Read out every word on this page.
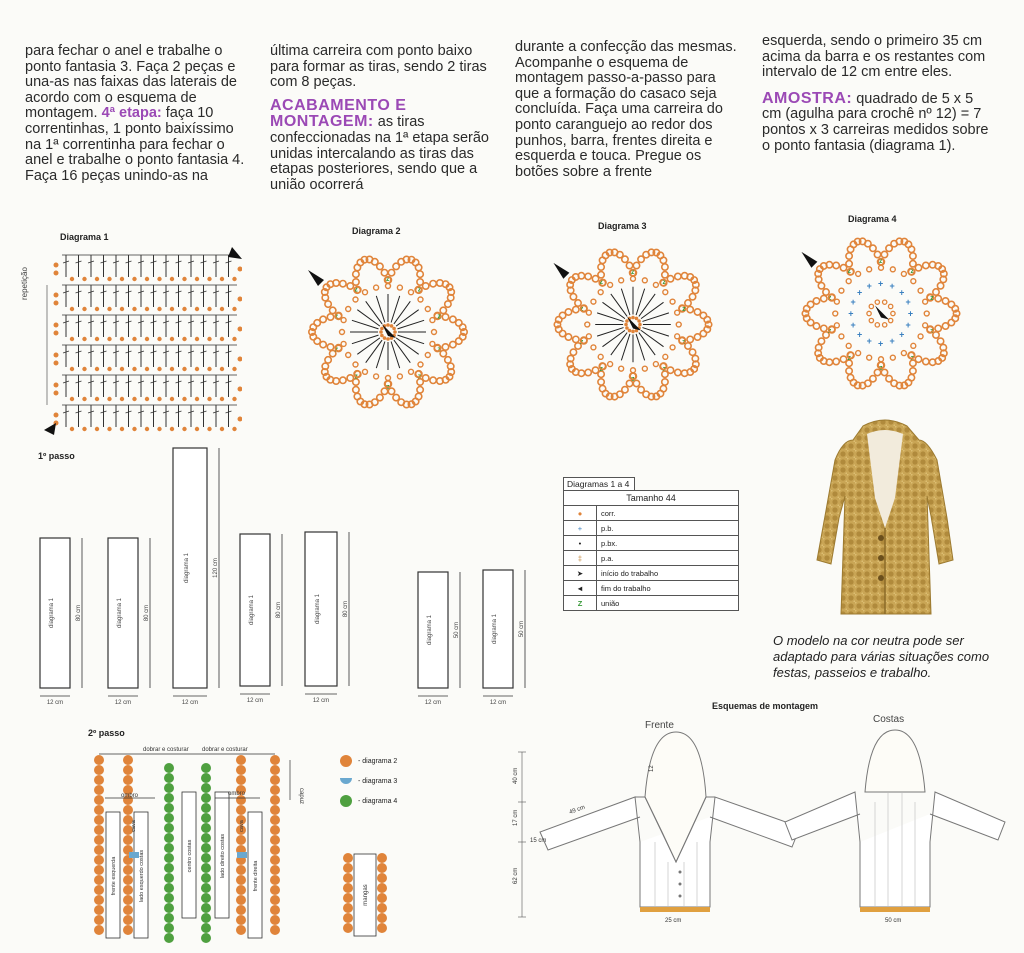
para fechar o anel e trabalhe o ponto fantasia 3. Faça 2 peças e una-as nas faixas das laterais de acordo com o esquema de montagem. 4ª etapa: faça 10 correntinhas, 1 ponto baixíssimo na 1ª correntinha para fechar o anel e trabalhe o ponto fantasia 4. Faça 16 peças unindo-as na

última carreira com ponto baixo para formar as tiras, sendo 2 tiras com 8 peças.

ACABAMENTO E MONTAGEM: as tiras confeccionadas na 1ª etapa serão unidas intercalando as tiras das etapas posteriores, sendo que a união ocorrerá

durante a confecção das mesmas. Acompanhe o esquema de montagem passo-a-passo para que a formação do casaco seja concluída. Faça uma carreira do ponto caranguejo ao redor dos punhos, barra, frentes direita e esquerda e touca. Pregue os botões sobre a frente

esquerda, sendo o primeiro 35 cm acima da barra e os restantes com intervalo de 12 cm entre eles.

AMOSTRA: quadrado de 5 x 5 cm (agulha para crochê nº 12) = 7 pontos x 3 carreiras medidos sobre o ponto fantasia (diagrama 1).

Diagrama 1
Diagrama 2	Diagrama 3
Diagrama 4
repetição
z
z
z
z
z
z
z
z
z
z
z
z
z
z
z
z
z
z
z
z
z
z
z
z
z
z
z
z
z
z
+
+
+
+
+
+
+
+
+
+
+
+ + +
+
+
1º passo
diagrama 1	80 cm
12 cm
diagrama 1	80 cm
12 cm
diagrama 1	120 cm
12 cm
diagrama 1	80 cm
12 cm
diagrama 1	80 cm
12 cm
diagrama 1	50 cm
12 cm
diagrama 1	50 cm
12 cm
Diagramas 1 a 4
Tamanho 44	
●	corr.
+	p.b.
•	p.bx.
‡	p.a.
➤	início do trabalho
◄	fim do trabalho
Z	união
O modelo na cor neutra pode ser adaptado para várias situações como festas, passeios e trabalho.
2º passo
frente esquerda	lado esquerdo costas	centro costas	lado direito costas	frente direita
cava	cava
dobrar e costurar dobrar e costurar
ombro	ombro	capuz
mangas
- diagrama 2
- diagrama 3
- diagrama 4
Esquemas de montagem
Frente
Costas
40 cm
17 cm
62 cm
15 cm
49 cm
12
25 cm	50 cm
